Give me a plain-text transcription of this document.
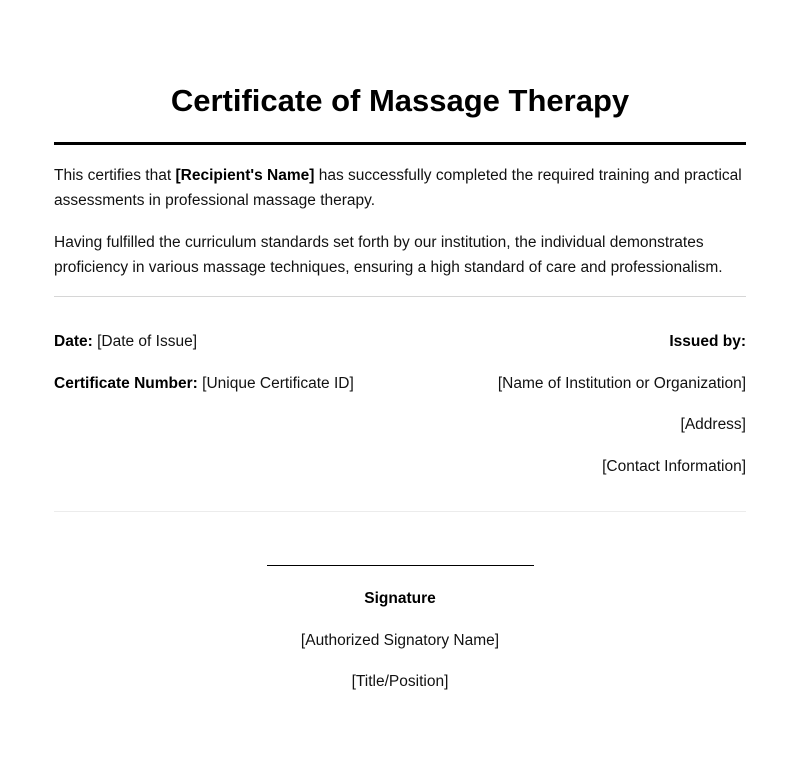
Certificate of Massage Therapy

This certifies that [Recipient's Name] has successfully completed the required training and practical assessments in professional massage therapy.

Having fulfilled the curriculum standards set forth by our institution, the individual demonstrates proficiency in various massage techniques, ensuring a high standard of care and professionalism.

Date: [Date of Issue]
Certificate Number: [Unique Certificate ID]
Issued by:
[Name of Institution or Organization]
[Address]
[Contact Information]
Signature
[Authorized Signatory Name]
[Title/Position]
